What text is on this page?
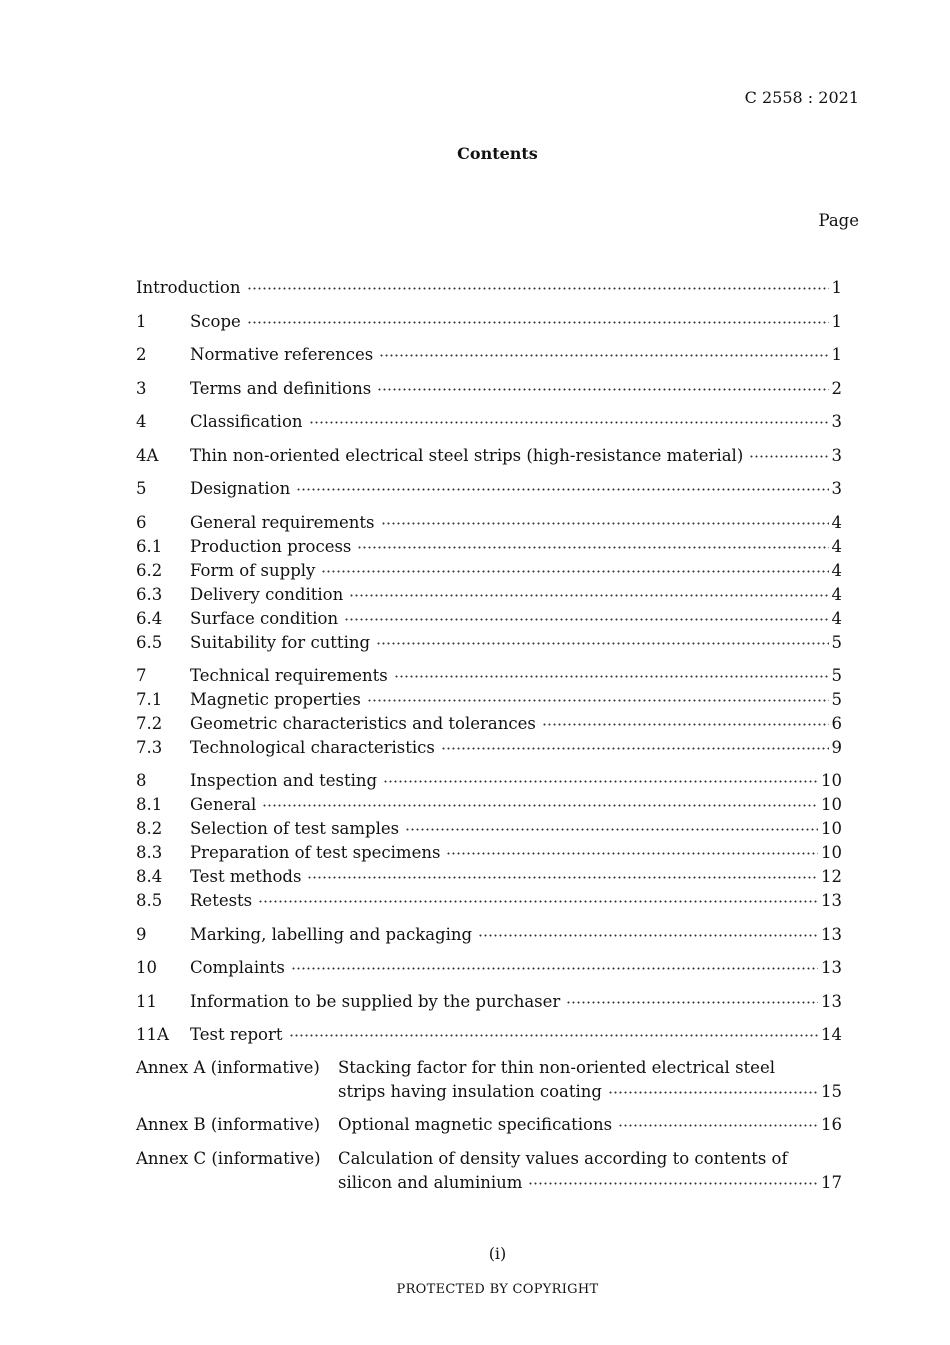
C 2558 : 2021
Contents
Page
Introduction	1
1	Scope	1
2	Normative references	1
3	Terms and definitions	2
4	Classification	3
4A	Thin non-oriented electrical steel strips (high-resistance material)	3
5	Designation	3
6	General requirements	4
6.1	Production process	4
6.2	Form of supply	4
6.3	Delivery condition	4
6.4	Surface condition	4
6.5	Suitability for cutting	5
7	Technical requirements	5
7.1	Magnetic properties	5
7.2	Geometric characteristics and tolerances	6
7.3	Technological characteristics	9
8	Inspection and testing	10
8.1	General	10
8.2	Selection of test samples	10
8.3	Preparation of test specimens	10
8.4	Test methods	12
8.5	Retests	13
9	Marking, labelling and packaging	13
10	Complaints	13
11	Information to be supplied by the purchaser	13
11A	Test report	14
Annex A (informative) Stacking factor for thin non-oriented electrical steel
strips having insulation coating	15
Annex B (informative) Optional magnetic specifications	16
Annex C (informative) Calculation of density values according to contents of
silicon and aluminium	17
(i)
PROTECTED BY COPYRIGHT
